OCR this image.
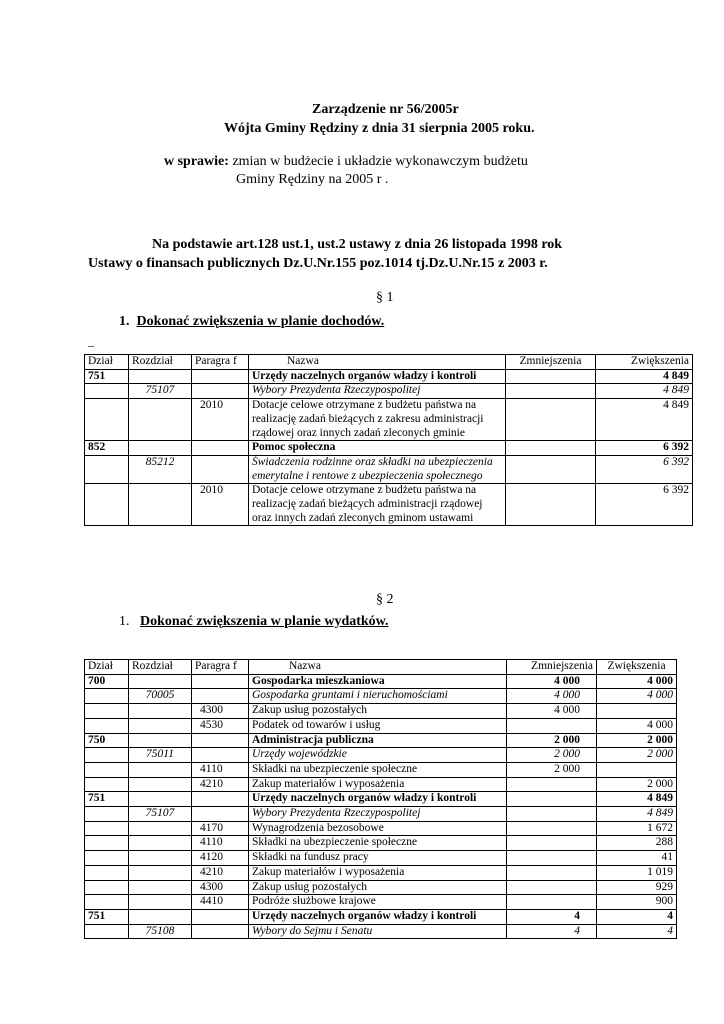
Zarządzenie nr 56/2005r
Wójta Gminy Rędziny z dnia 31 sierpnia 2005 roku.
w sprawie: zmian w budżecie i układzie wykonawczym budżetu
Gminy Rędziny na 2005 r .
Na podstawie art.128 ust.1, ust.2 ustawy z dnia 26 listopada 1998 rok
Ustawy o finansach publicznych Dz.U.Nr.155 poz.1014 tj.Dz.U.Nr.15 z 2003 r.
§ 1
1. Dokonać zwiększenia w planie dochodów.
_
Dział	Rozdział	Paragra f	Nazwa	Zmniejszenia	Zwiększenia
751			Urzędy naczelnych organów władzy i kontroli		4 849
	75107		Wybory Prezydenta Rzeczypospolitej		4 849
		2010	Dotacje celowe otrzymane z budżetu państwa na realizację zadań bieżących z zakresu administracji rządowej oraz innych zadań zleconych gminie		4 849
852			Pomoc społeczna		6 392
	85212		Świadczenia rodzinne oraz składki na ubezpieczenia emerytalne i rentowe z ubezpieczenia społecznego		6 392
		2010	Dotacje celowe otrzymane z budżetu państwa na realizację zadań bieżących administracji rządowej oraz innych zadań zleconych gminom ustawami		6 392
§ 2
1. Dokonać zwiększenia w planie wydatków.
Dział	Rozdział	Paragra f	Nazwa	Zmniejszenia	Zwiększenia
700			Gospodarka mieszkaniowa	4 000	4 000
	70005		Gospodarka gruntami i nieruchomościami	4 000	4 000
		4300	Zakup usług pozostałych	4 000	
		4530	Podatek od towarów i usług		4 000
750			Administracja publiczna	2 000	2 000
	75011		Urzędy wojewódzkie	2 000	2 000
		4110	Składki na ubezpieczenie społeczne	2 000	
		4210	Zakup materiałów i wyposażenia		2 000
751			Urzędy naczelnych organów władzy i kontroli		4 849
	75107		Wybory Prezydenta Rzeczypospolitej		4 849
		4170	Wynagrodzenia bezosobowe		1 672
		4110	Składki na ubezpieczenie społeczne		288
		4120	Składki na fundusz pracy		41
		4210	Zakup materiałów i wyposażenia		1 019
		4300	Zakup usług pozostałych		929
		4410	Podróże służbowe krajowe		900
751			Urzędy naczelnych organów władzy i kontroli	4	4
	75108		Wybory do Sejmu i Senatu	4	4
